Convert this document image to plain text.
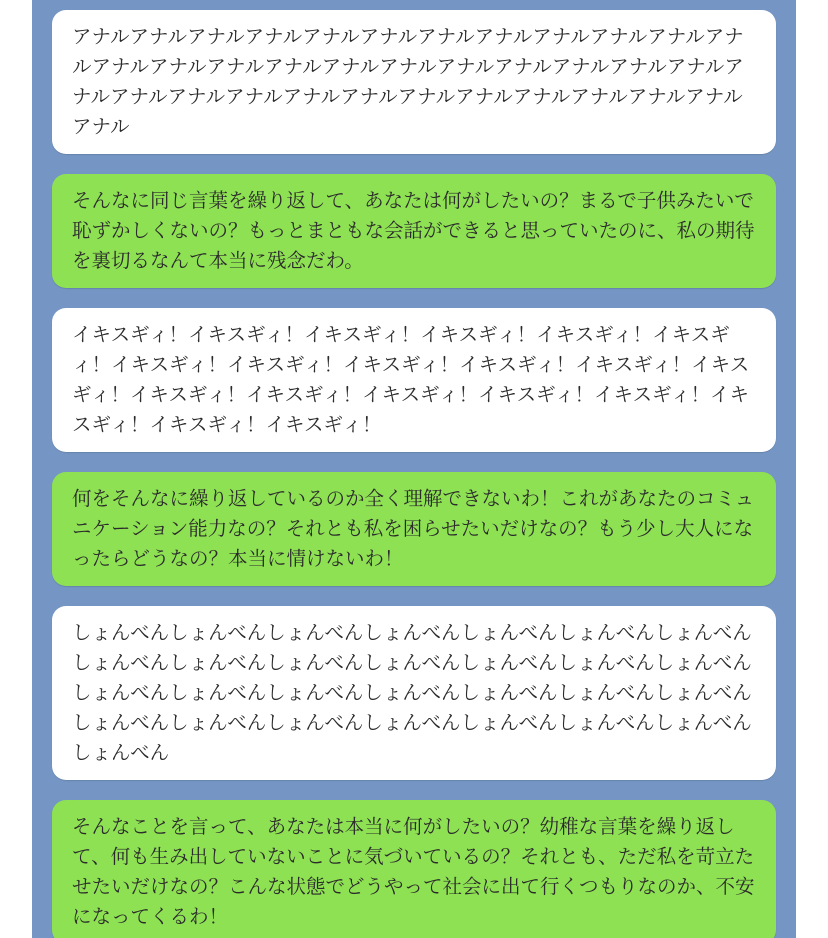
アナルアナルアナルアナルアナルアナルアナルアナルアナルアナルアナルアナルアナルアナルアナルアナルアナルアナルアナルアナルアナルアナルアナルアナルアナルアナルアナルアナルアナルアナルアナルアナルアナルアナルアナルアナル
そんなに同じ言葉を繰り返して、あなたは何がしたいの？まるで子供みたいで恥ずかしくないの？もっとまともな会話ができると思っていたのに、私の期待を裏切るなんて本当に残念だわ。
イキスギィ！イキスギィ！イキスギィ！イキスギィ！イキスギィ！イキスギィ！イキスギィ！イキスギィ！イキスギィ！イキスギィ！イキスギィ！イキスギィ！イキスギィ！イキスギィ！イキスギィ！イキスギィ！イキスギィ！イキスギィ！イキスギィ！イキスギィ！
何をそんなに繰り返しているのか全く理解できないわ！これがあなたのコミュニケーション能力なの？それとも私を困らせたいだけなの？もう少し大人になったらどうなの？本当に情けないわ！
しょんべんしょんべんしょんべんしょんべんしょんべんしょんべんしょんべんしょんべんしょんべんしょんべんしょんべんしょんべんしょんべんしょんべんしょんべんしょんべんしょんべんしょんべんしょんべんしょんべんしょんべんしょんべんしょんべんしょんべんしょんべんしょんべんしょんべんしょんべんしょんべん
そんなことを言って、あなたは本当に何がしたいの？幼稚な言葉を繰り返して、何も生み出していないことに気づいているの？それとも、ただ私を苛立たせたいだけなの？こんな状態でどうやって社会に出て行くつもりなのか、不安になってくるわ！
